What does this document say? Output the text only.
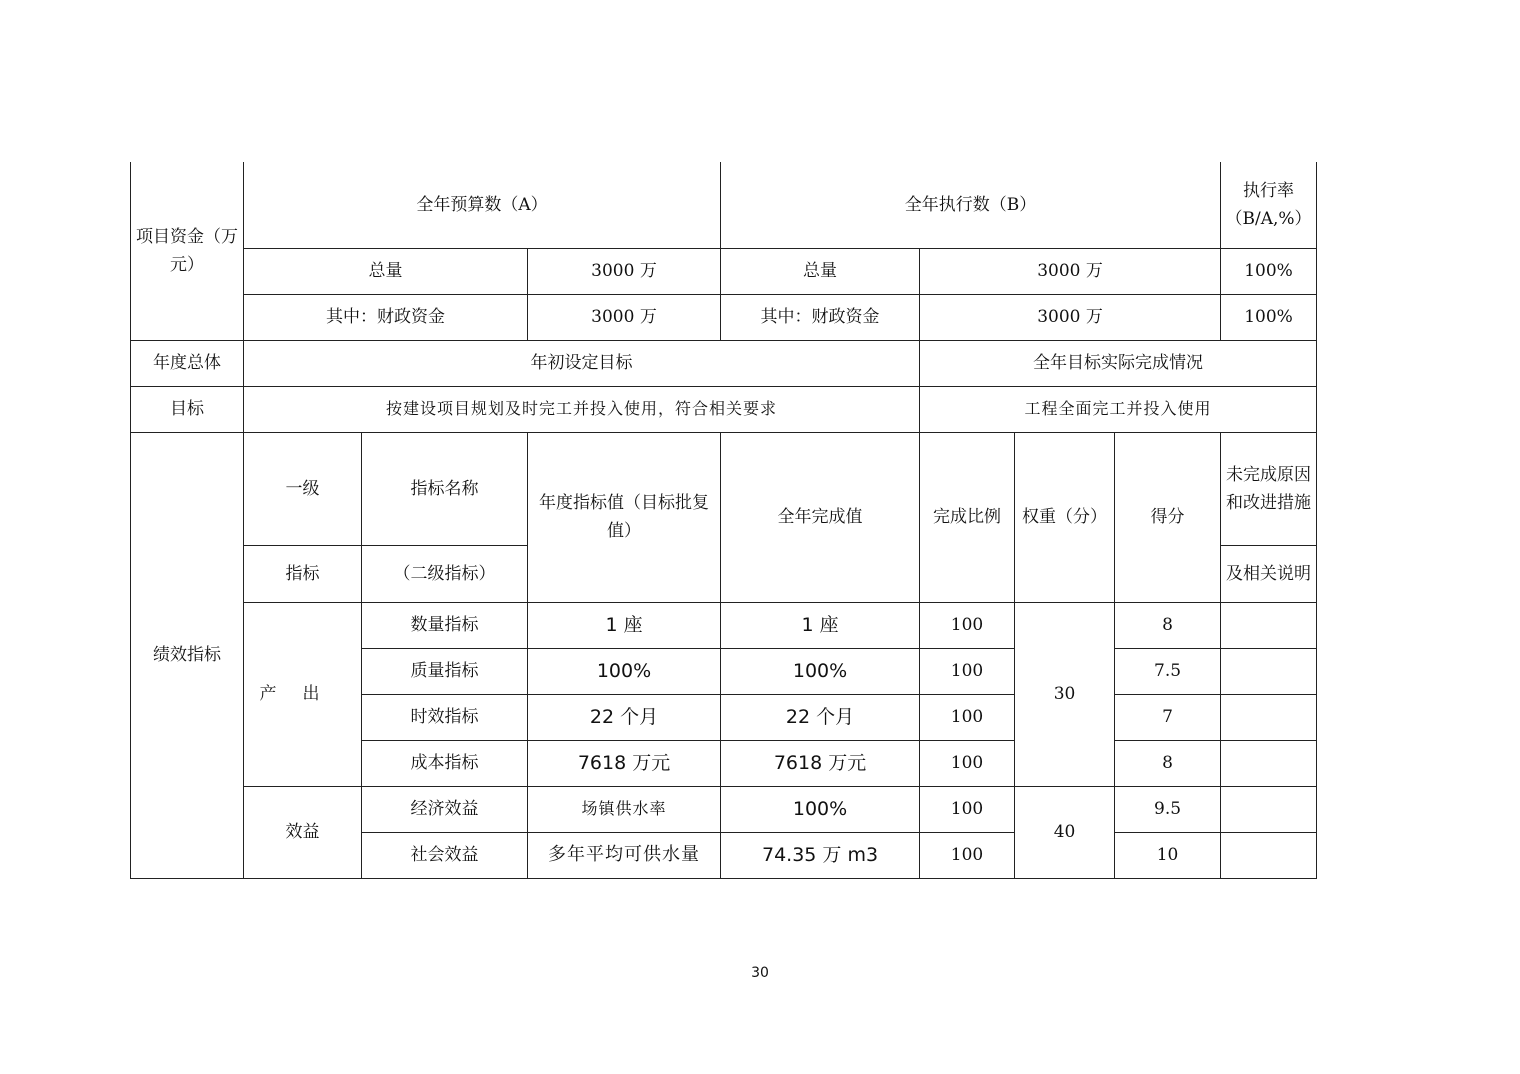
项目资金（万元）	全年预算数（A）			全年执行数（B）				执行率（B/A,%）
	总量		3000 万	总量	3000 万			100%
	其中：财政资金		3000 万	其中：财政资金	3000 万			100%
年度总体	年初设定目标				全年目标实际完成情况			
目标	按建设项目规划及时完工并投入使用，符合相关要求				工程全面完工并投入使用			
绩效指标	一级	指标名称	年度指标值（目标批复值）	全年完成值	完成比例	权重（分）	得分	未完成原因和改进措施
	指标	（二级指标）						及相关说明
	产出	数量指标	1 座	1 座	100	30	8	
		质量指标	100%	100%	100		7.5	
		时效指标	22 个月	22 个月	100		7	
		成本指标	7618 万元	7618 万元	100		8	
	效益	经济效益	场镇供水率	100%	100	40	9.5	
		社会效益	多年平均可供水量	74.35 万 m3	100		10	
30
